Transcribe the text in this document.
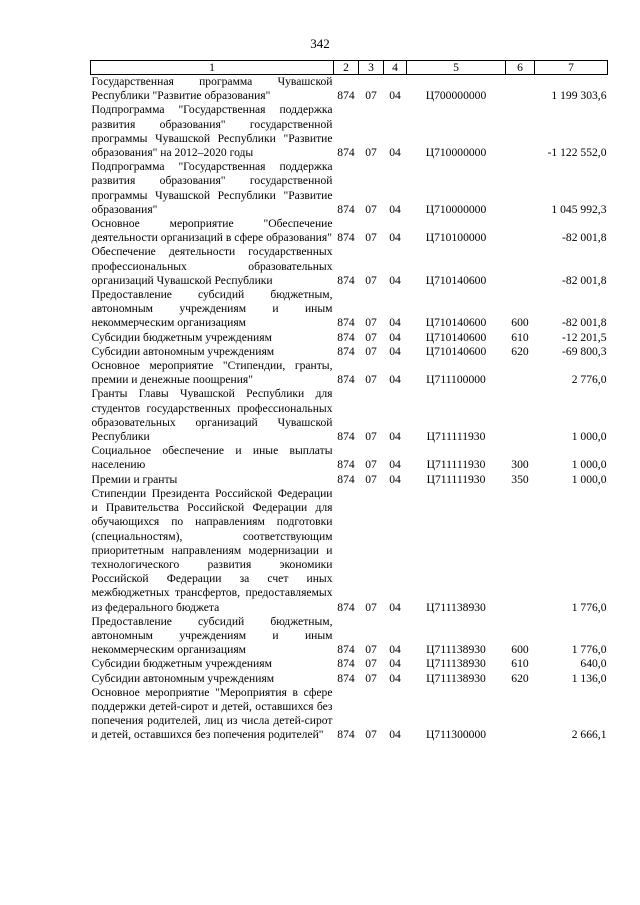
342
1	2	3	4	5	6	7
Государственная программа Чувашской Республики "Развитие образования"	874	07	04	Ц700000000		1 199 303,6
Подпрограмма "Государственная поддержка развития образования" государственной программы Чувашской Республики "Развитие образования" на 2012–2020 годы	874	07	04	Ц710000000		-1 122 552,0
Подпрограмма "Государственная поддержка развития образования" государственной программы Чувашской Республики "Развитие образования"	874	07	04	Ц710000000		1 045 992,3
Основное мероприятие "Обеспечение деятельности организаций в сфере образования"	874	07	04	Ц710100000		-82 001,8
Обеспечение деятельности государственных профессиональных образовательных организаций Чувашской Республики	874	07	04	Ц710140600		-82 001,8
Предоставление субсидий бюджетным, автономным учреждениям и иным некоммерческим организациям	874	07	04	Ц710140600	600	-82 001,8
Субсидии бюджетным учреждениям	874	07	04	Ц710140600	610	-12 201,5
Субсидии автономным учреждениям	874	07	04	Ц710140600	620	-69 800,3
Основное мероприятие "Стипендии, гранты, премии и денежные поощрения"	874	07	04	Ц711100000		2 776,0
Гранты Главы Чувашской Республики для студентов государственных профессиональных образовательных организаций Чувашской Республики	874	07	04	Ц711111930		1 000,0
Социальное обеспечение и иные выплаты населению	874	07	04	Ц711111930	300	1 000,0
Премии и гранты	874	07	04	Ц711111930	350	1 000,0
Стипендии Президента Российской Федерации и Правительства Российской Федерации для обучающихся по направлениям подготовки (специальностям), соответствующим приоритетным направлениям модернизации и технологического развития экономики Российской Федерации за счет иных межбюджетных трансфертов, предоставляемых из федерального бюджета	874	07	04	Ц711138930		1 776,0
Предоставление субсидий бюджетным, автономным учреждениям и иным некоммерческим организациям	874	07	04	Ц711138930	600	1 776,0
Субсидии бюджетным учреждениям	874	07	04	Ц711138930	610	640,0
Субсидии автономным учреждениям	874	07	04	Ц711138930	620	1 136,0
Основное мероприятие "Мероприятия в сфере поддержки детей-сирот и детей, оставшихся без попечения родителей, лиц из числа детей-сирот и детей, оставшихся без попечения родителей"	874	07	04	Ц711300000		2 666,1
